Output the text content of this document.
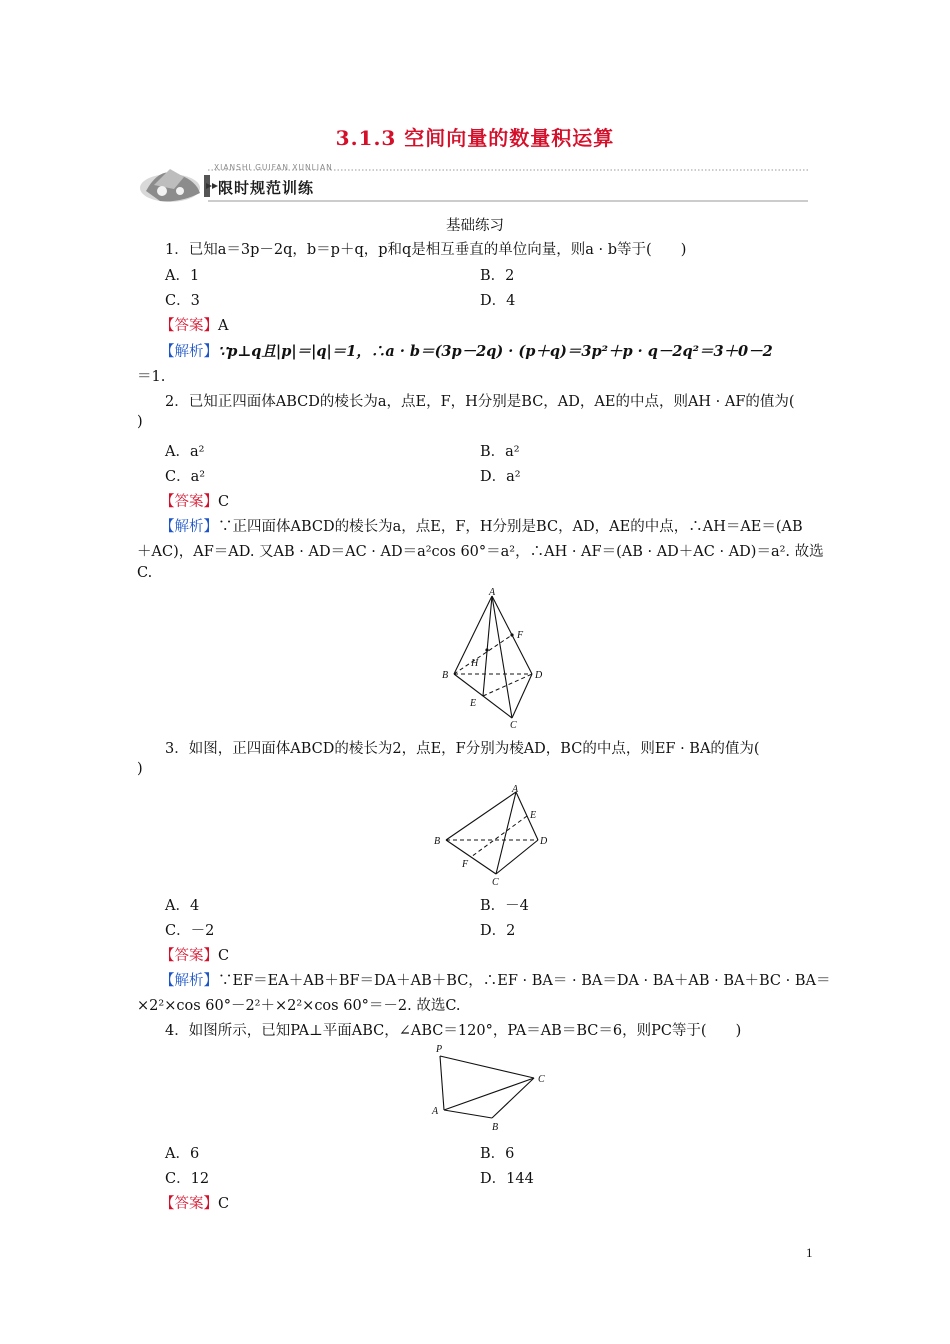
3.1.3 空间向量的数量积运算
XIANSHI GUIFAN XUNLIAN
限时规范训练
基础练习
1．已知a＝3p－2q，b＝p＋q，p和q是相互垂直的单位向量，则a · b等于(　　)
A．1	B．2
C．3	D．4
【答案】A
【解析】∵p⊥q且|p|＝|q|＝1，∴a · b＝(3p－2q) · (p＋q)＝3p²＋p · q－2q²＝3＋0－2
＝1.
2．已知正四面体ABCD的棱长为a，点E，F，H分别是BC，AD，AE的中点，则AH · AF的值为(
)
A．a²	B．a²
C．a²	D．a²
【答案】C
【解析】∵正四面体ABCD的棱长为a，点E，F，H分别是BC，AD，AE的中点，∴AH＝AE＝(AB
＋AC)，AF＝AD. 又AB · AD＝AC · AD＝a²cos 60°＝a²，∴AH · AF＝(AB · AD＋AC · AD)＝a². 故选
C.
A
F
H
B	D
E
C
3．如图，正四面体ABCD的棱长为2，点E，F分别为棱AD，BC的中点，则EF · BA的值为(
)
A
E
B	D
F
C
A．4	B．－4
C．－2	D．2
【答案】C
【解析】∵EF＝EA＋AB＋BF＝DA＋AB＋BC，∴EF · BA＝ · BA＝DA · BA＋AB · BA＋BC · BA＝
×2²×cos 60°－2²＋×2²×cos 60°＝－2. 故选C.
4．如图所示，已知PA⊥平面ABC，∠ABC＝120°，PA＝AB＝BC＝6，则PC等于(　　)
P
C
A
B
A．6	B．6
C．12	D．144
【答案】C
1
